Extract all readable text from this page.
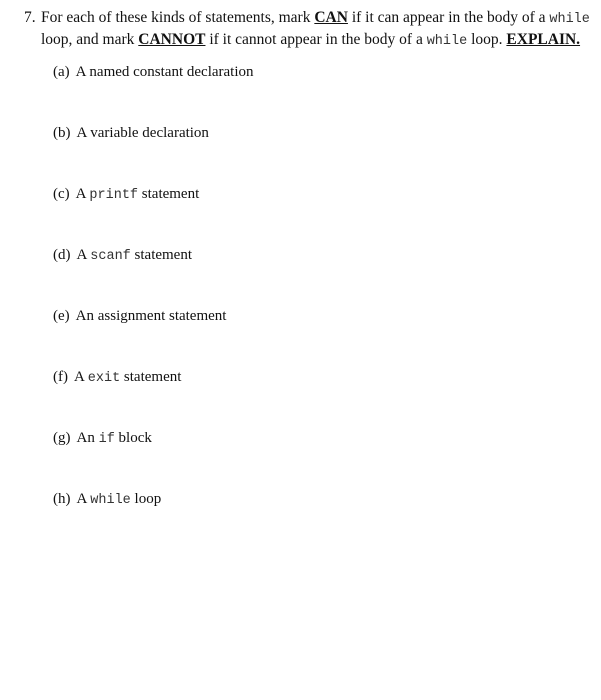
7. For each of these kinds of statements, mark CAN if it can appear in the body of a while
loop, and mark CANNOT if it cannot appear in the body of a while loop. EXPLAIN.
(a) A named constant declaration
(b) A variable declaration
(c) A printf statement
(d) A scanf statement
(e) An assignment statement
(f) A exit statement
(g) An if block
(h) A while loop
